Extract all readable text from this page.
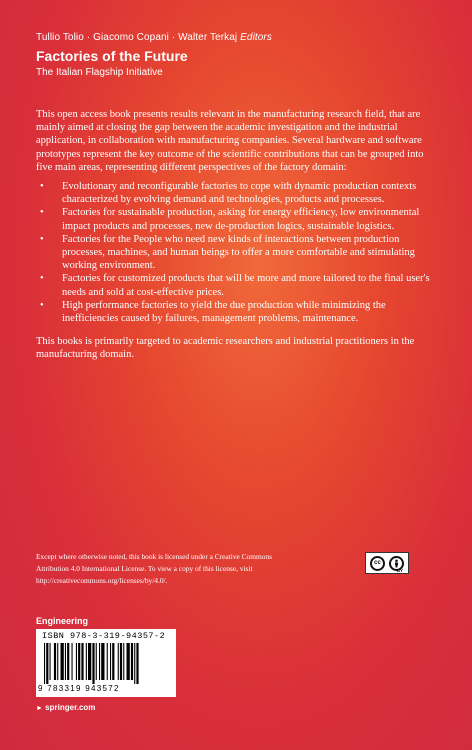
Tullio Tolio · Giacomo Copani · Walter Terkaj Editors
Factories of the Future
The Italian Flagship Initiative

This open access book presents results relevant in the manufacturing research field, that are mainly aimed at closing the gap between the academic investigation and the industrial application, in collaboration with manufacturing companies. Several hardware and software prototypes represent the key outcome of the scientific contributions that can be grouped into five main areas, representing different perspectives of the factory domain:

• Evolutionary and reconfigurable factories to cope with dynamic production contexts characterized by evolving demand and technologies, products and processes.
• Factories for sustainable production, asking for energy efficiency, low environmental impact products and processes, new de-production logics, sustainable logistics.
• Factories for the People who need new kinds of interactions between production processes, machines, and human beings to offer a more comfortable and stimulating working environment.
• Factories for customized products that will be more and more tailored to the final user's needs and sold at cost-effective prices.
• High performance factories to yield the due production while minimizing the inefficiencies caused by failures, management problems, maintenance.

This books is primarily targeted to academic researchers and industrial practitioners in the manufacturing domain.

Except where otherwise noted, this book is licensed under a Creative Commons Attribution 4.0 International License. To view a copy of this license, visit http://creativecommons.org/licenses/by/4.0/.
cc
BY
Engineering
ISBN 978-3-319-94357-2
9 783319 943572
► springer.com
